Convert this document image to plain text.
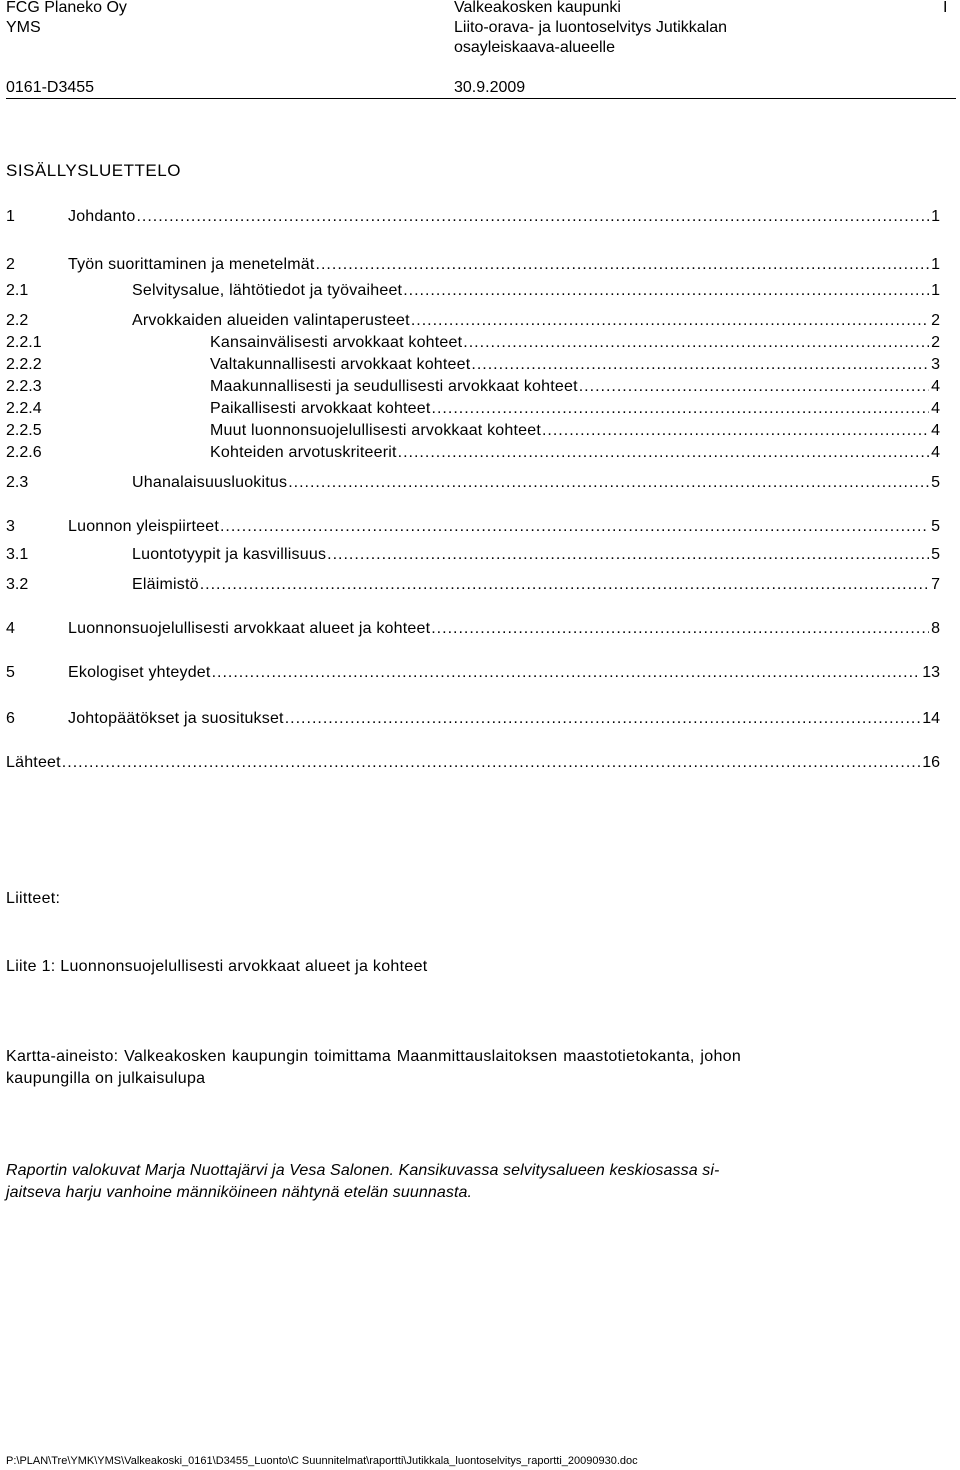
FCG Planeko Oy
YMS
Valkeakosken kaupunki
Liito-orava- ja luontoselvitys Jutikkalan
osayleiskaava-alueelle
I
0161-D3455	30.9.2009
SISÄLLYSLUETTELO
1	Johdanto .....	1
2	Työn suorittaminen ja menetelmät .....	1
2.1	Selvitysalue, lähtötiedot ja työvaiheet .....	1
2.2	Arvokkaiden alueiden valintaperusteet .....	2
2.2.1	Kansainvälisesti arvokkaat kohteet .....	2
2.2.2	Valtakunnallisesti arvokkaat kohteet .....	3
2.2.3	Maakunnallisesti ja seudullisesti arvokkaat kohteet .....	4
2.2.4	Paikallisesti arvokkaat kohteet .....	4
2.2.5	Muut luonnonsuojelullisesti arvokkaat kohteet .....	4
2.2.6	Kohteiden arvotuskriteerit .....	4
2.3	Uhanalaisuusluokitus .....	5
3	Luonnon yleispiirteet .....	5
3.1	Luontotyypit ja kasvillisuus .....	5
3.2	Eläimistö .....	7
4	Luonnonsuojelullisesti arvokkaat alueet ja kohteet .....	8
5	Ekologiset yhteydet .....	13
6	Johtopäätökset ja suositukset .....	14
Lähteet .....	16
Liitteet:
Liite 1: Luonnonsuojelullisesti arvokkaat alueet ja kohteet
Kartta-aineisto: Valkeakosken kaupungin toimittama Maanmittauslaitoksen maastotietokanta, johon
kaupungilla on julkaisulupa
Raportin valokuvat Marja Nuottajärvi ja Vesa Salonen. Kansikuvassa selvitysalueen keskiosassa si-
jaitseva harju vanhoine männiköineen nähtynä etelän suunnasta.
P:\PLAN\Tre\YMK\YMS\Valkeakoski_0161\D3455_Luonto\C Suunnitelmat\raportti\Jutikkala_luontoselvitys_raportti_20090930.doc
